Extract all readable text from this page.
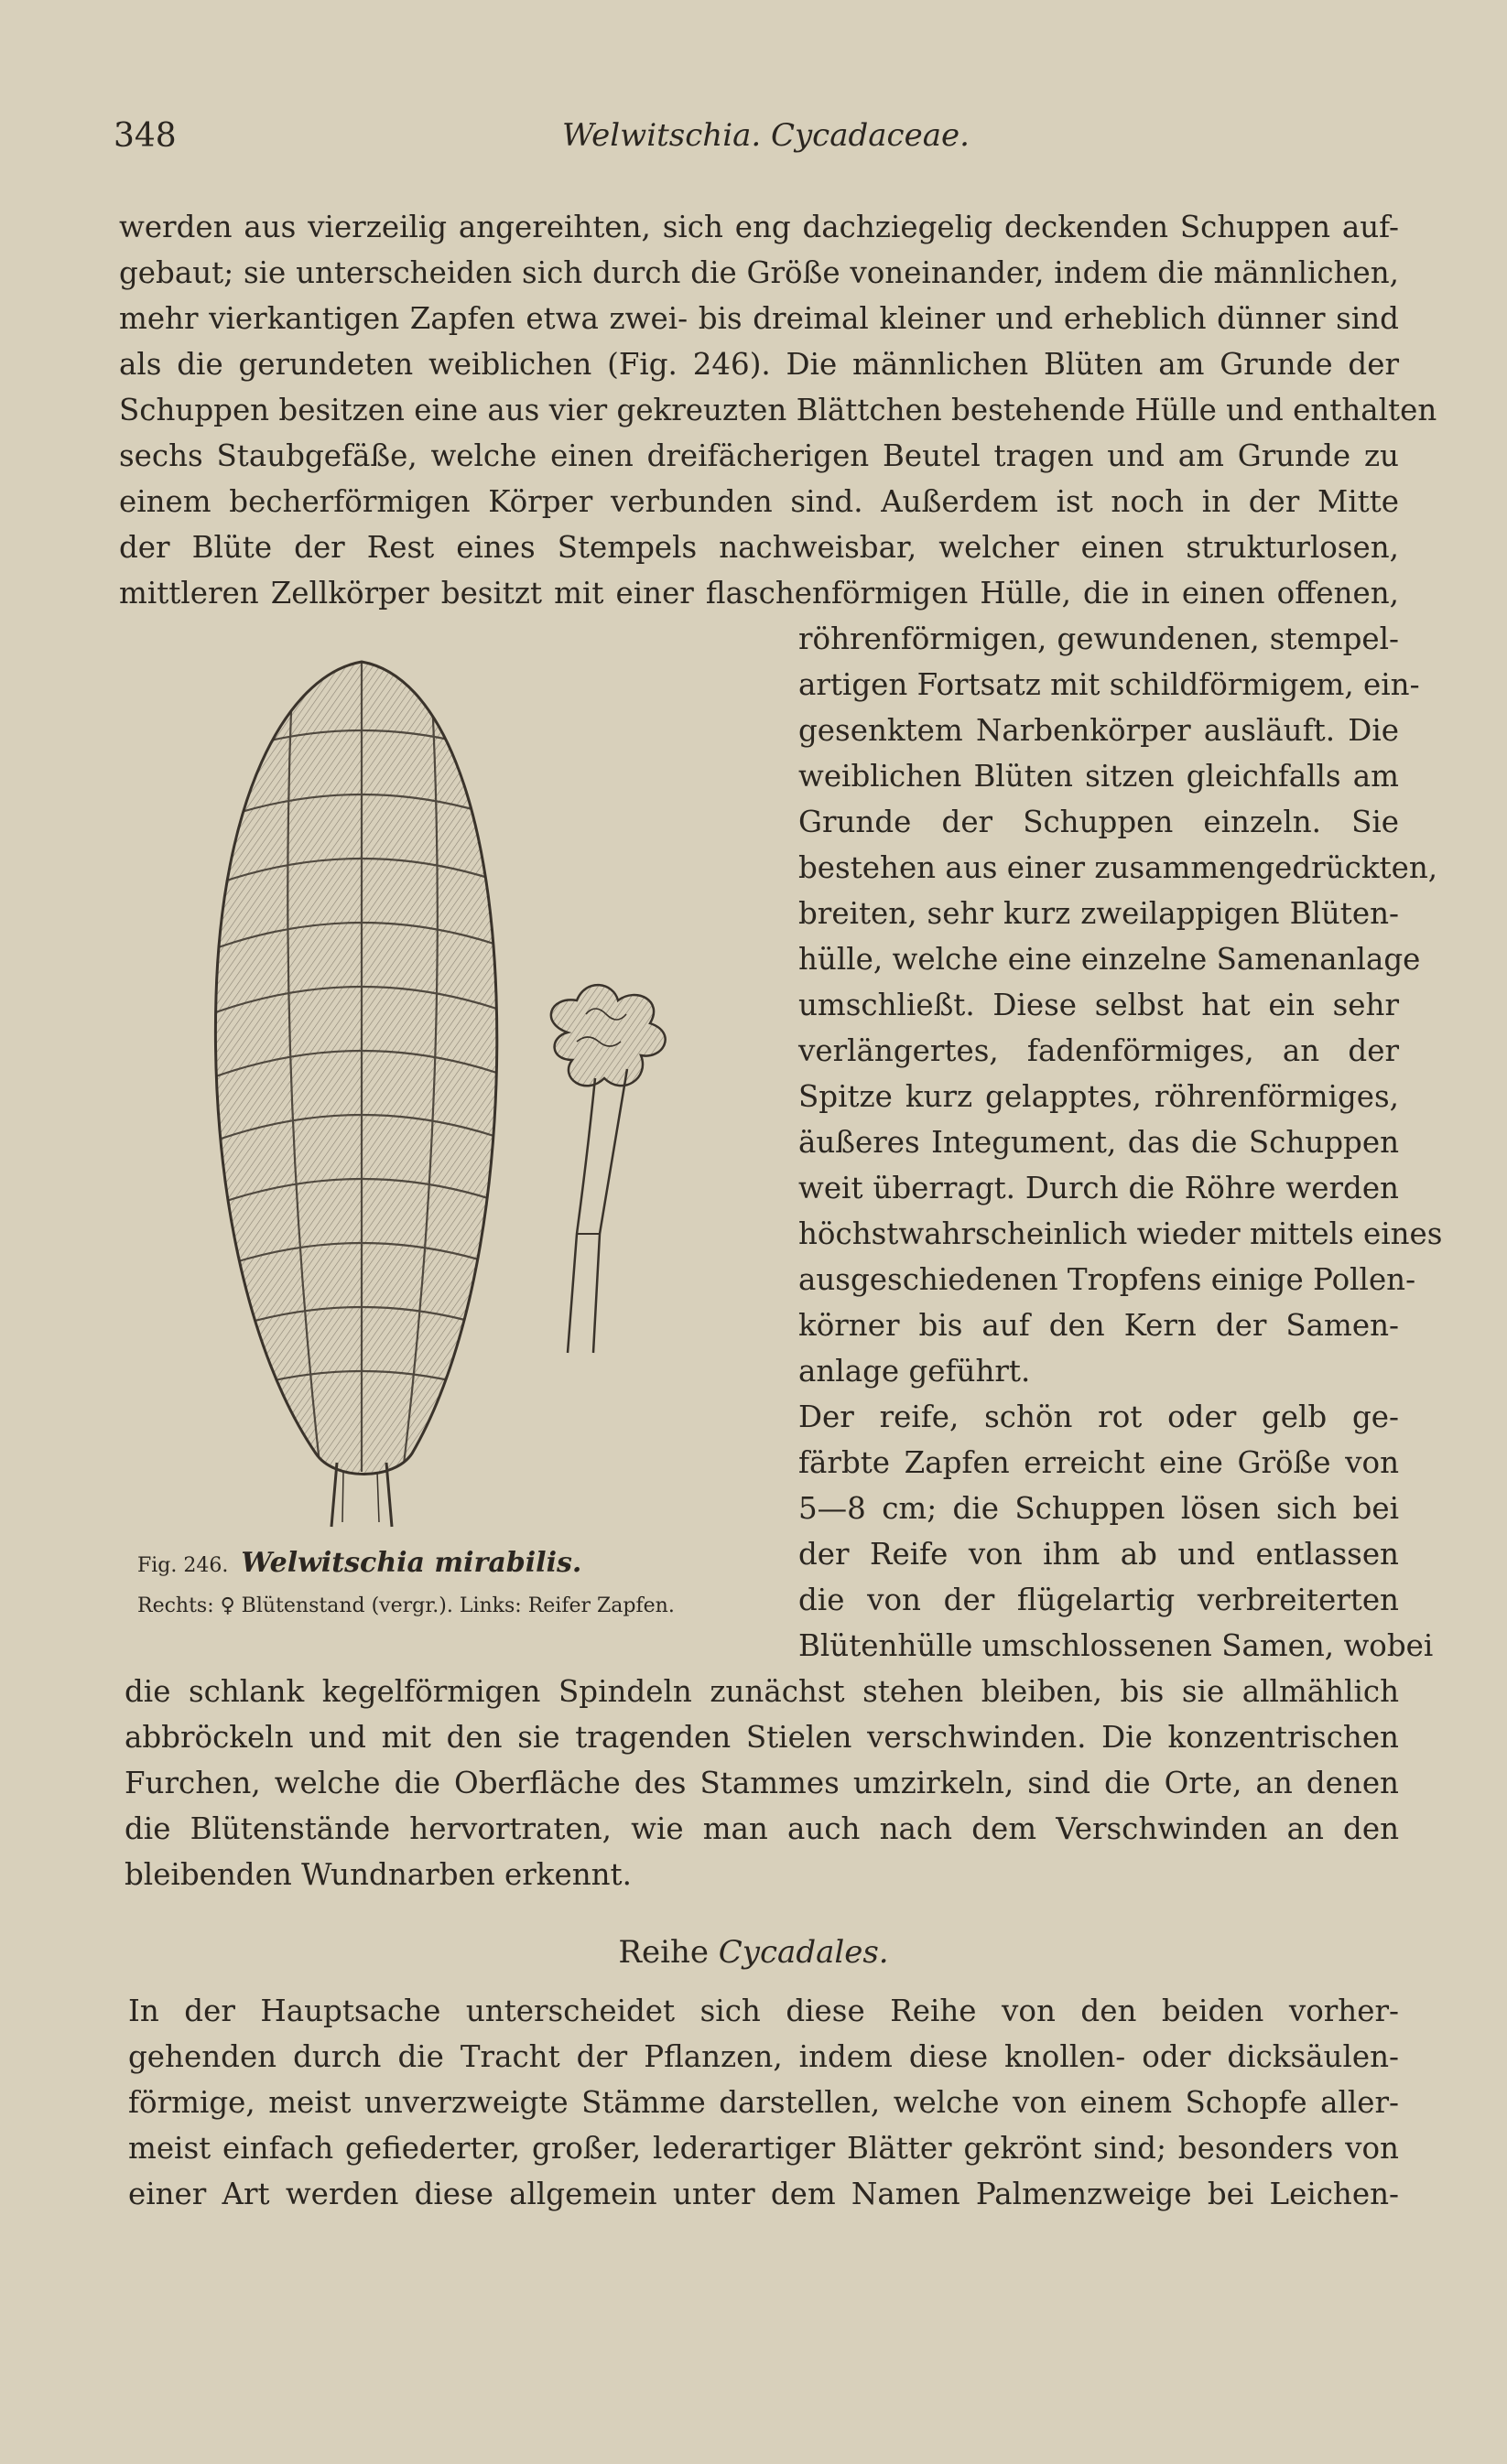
348	Welwitschia. Cycadaceae.
werden aus vierzeilig angereihten, sich eng dachziegelig deckenden Schuppen auf-
gebaut; sie unterscheiden sich durch die Größe voneinander, indem die männlichen,
mehr vierkantigen Zapfen etwa zwei- bis dreimal kleiner und erheblich dünner sind
als die gerundeten weiblichen (Fig. 246). Die männlichen Blüten am Grunde der
Schuppen besitzen eine aus vier gekreuzten Blättchen bestehende Hülle und enthalten
sechs Staubgefäße, welche einen dreifächerigen Beutel tragen und am Grunde zu
einem becherförmigen Körper verbunden sind. Außerdem ist noch in der Mitte
der Blüte der Rest eines Stempels nachweisbar, welcher einen strukturlosen,
mittleren Zellkörper besitzt mit einer flaschenförmigen Hülle, die in einen offenen,
röhrenförmigen, gewundenen, stempel-
artigen Fortsatz mit schildförmigem, ein-
gesenktem Narbenkörper ausläuft. Die
weiblichen Blüten sitzen gleichfalls am
Grunde der Schuppen einzeln. Sie
bestehen aus einer zusammengedrückten,
breiten, sehr kurz zweilappigen Blüten-
hülle, welche eine einzelne Samenanlage
umschließt. Diese selbst hat ein sehr
verlängertes, fadenförmiges, an der
Spitze kurz gelapptes, röhrenförmiges,
äußeres Integument, das die Schuppen
weit überragt. Durch die Röhre werden
höchstwahrscheinlich wieder mittels eines
ausgeschiedenen Tropfens einige Pollen-
körner bis auf den Kern der Samen-
anlage geführt.
Der reife, schön rot oder gelb ge-
färbte Zapfen erreicht eine Größe von
5—8 cm; die Schuppen lösen sich bei
der Reife von ihm ab und entlassen
die von der flügelartig verbreiterten
Blütenhülle umschlossenen Samen, wobei
Fig. 246. Welwitschia mirabilis.
Rechts: ♀ Blütenstand (vergr.). Links: Reifer Zapfen.
die schlank kegelförmigen Spindeln zunächst stehen bleiben, bis sie allmählich
abbröckeln und mit den sie tragenden Stielen verschwinden. Die konzentrischen
Furchen, welche die Oberfläche des Stammes umzirkeln, sind die Orte, an denen
die Blütenstände hervortraten, wie man auch nach dem Verschwinden an den
bleibenden Wundnarben erkennt.
Reihe Cycadales.
In der Hauptsache unterscheidet sich diese Reihe von den beiden vorher-
gehenden durch die Tracht der Pflanzen, indem diese knollen- oder dicksäulen-
förmige, meist unverzweigte Stämme darstellen, welche von einem Schopfe aller-
meist einfach gefiederter, großer, lederartiger Blätter gekrönt sind; besonders von
einer Art werden diese allgemein unter dem Namen Palmenzweige bei Leichen-
